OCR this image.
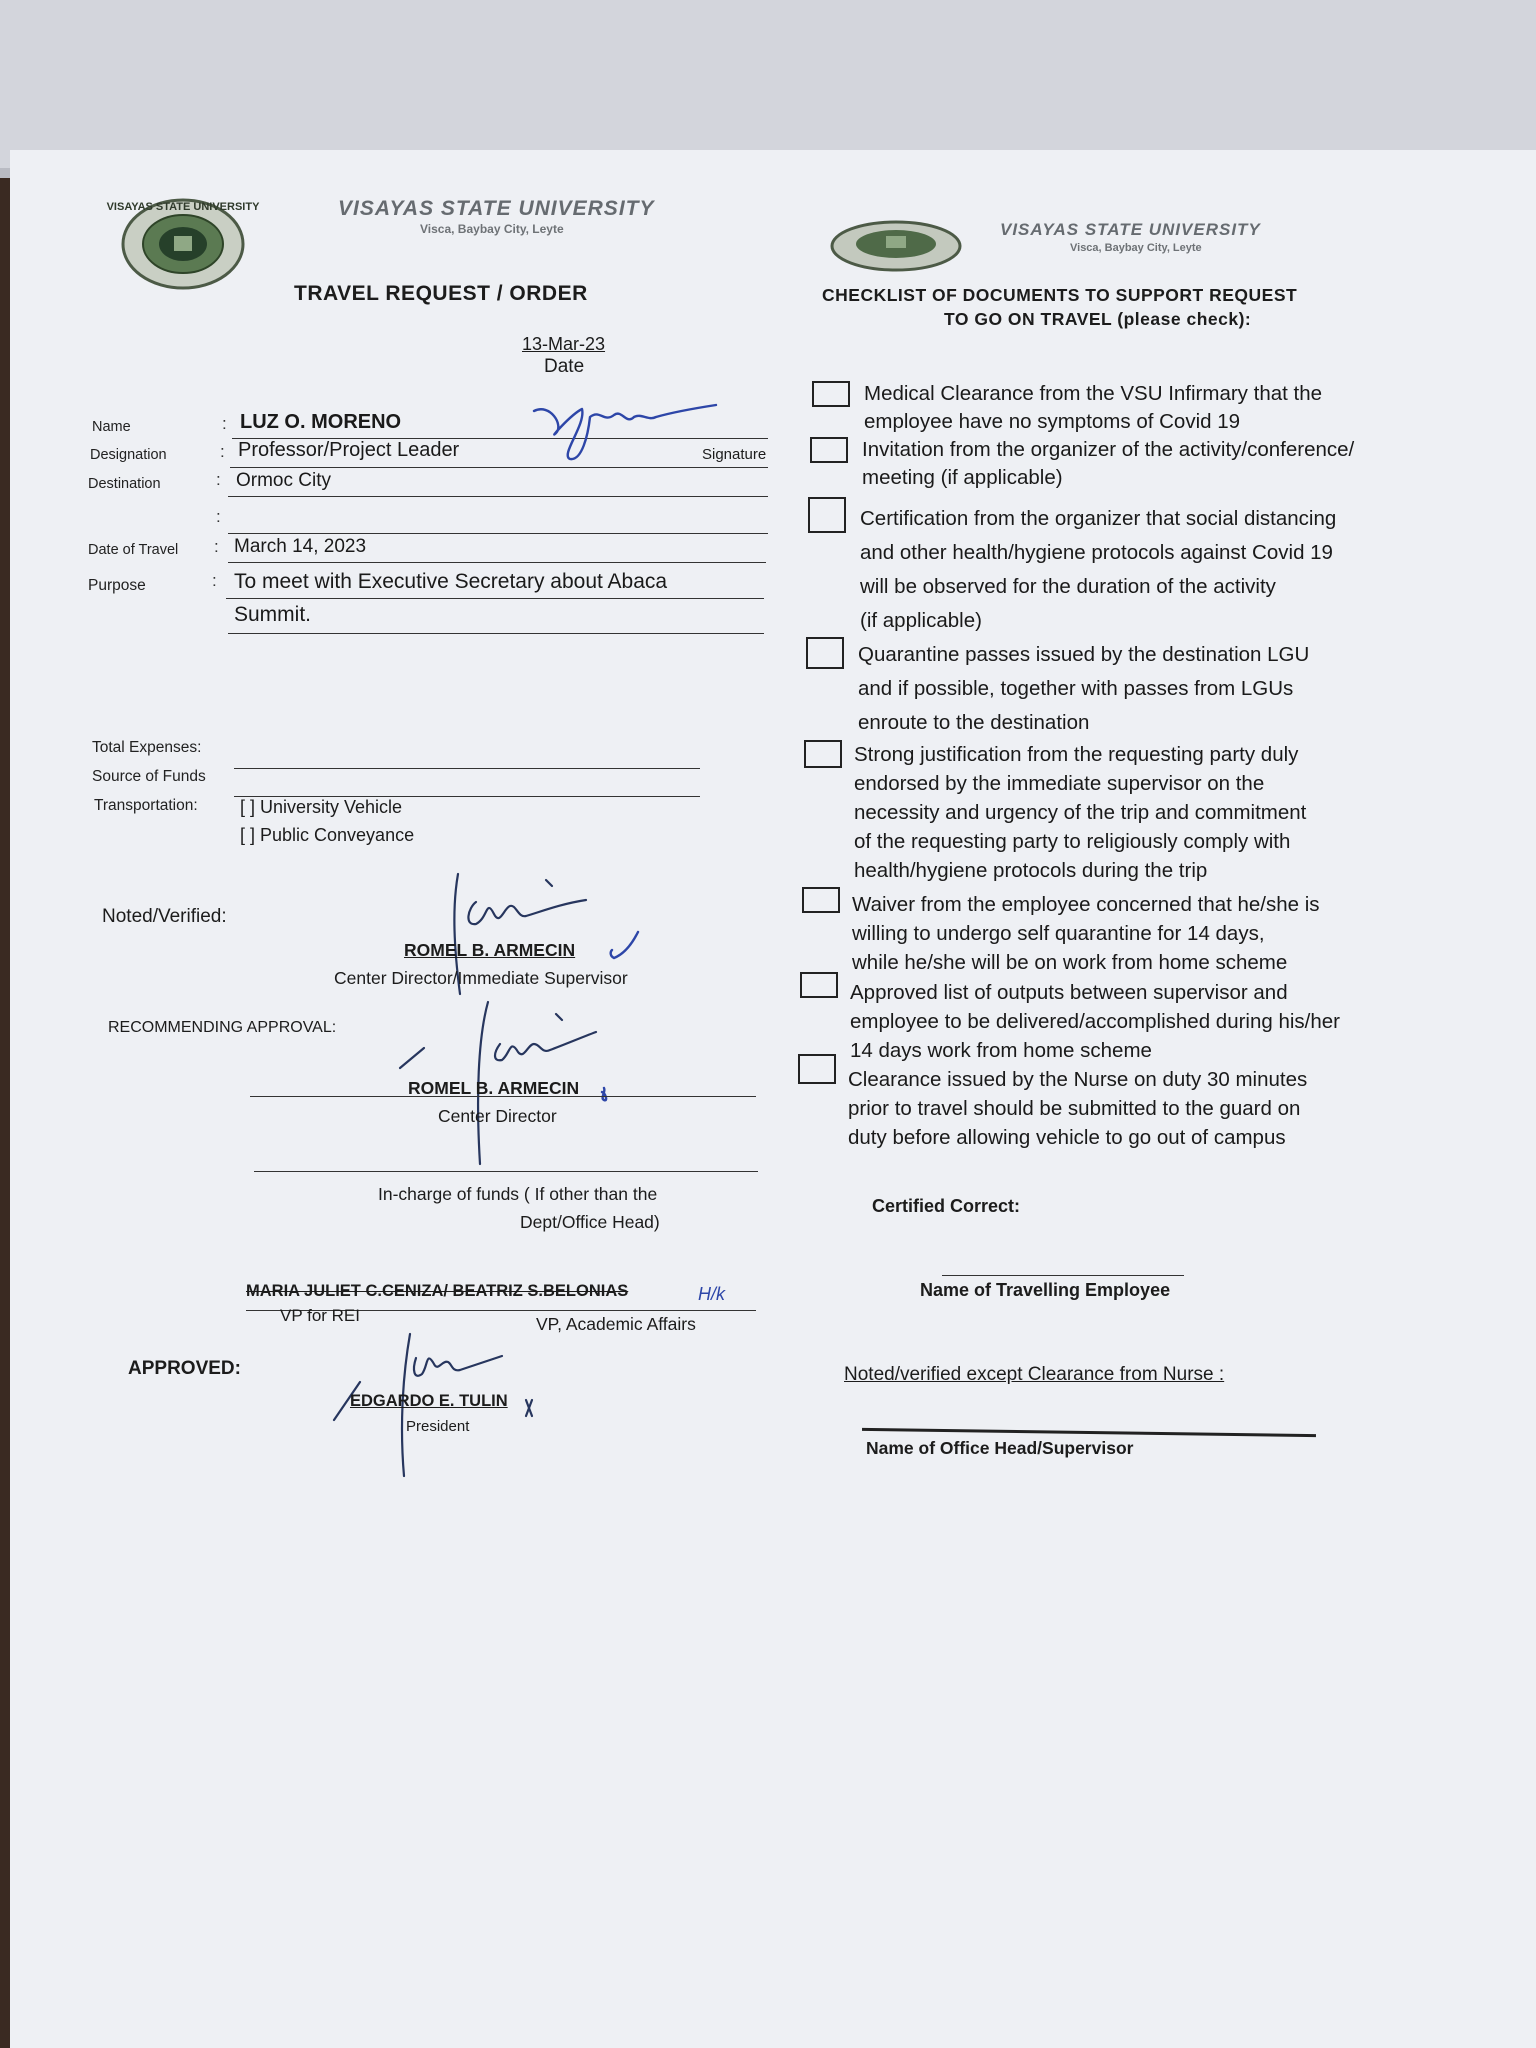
VISAYAS STATE UNIVERSITY	VISAYAS STATE UNIVERSITY
Visca, Baybay City, Leyte
TRAVEL REQUEST / ORDER
13-Mar-23
Date
Name	: LUZ O. MORENO
Designation	: Professor/Project Leader	Signature
Destination	: Ormoc City
:
Date of Travel : March 14, 2023
Purpose	: To meet with Executive Secretary about Abaca
Summit.
Total Expenses:
Source of Funds
Transportation: [ ] University Vehicle
[ ] Public Conveyance
Noted/Verified:
ROMEL B. ARMECIN
Center Director/Immediate Supervisor
RECOMMENDING APPROVAL:
ROMEL B. ARMECIN
Center Director
In-charge of funds ( If other than the
Dept/Office Head)
MARIA JULIET C.CENIZA/ BEATRIZ S.BELONIAS	H/k
VP for REI	VP, Academic Affairs
APPROVED:
EDGARDO E. TULIN
President
VISAYAS STATE UNIVERSITY
Visca, Baybay City, Leyte
CHECKLIST OF DOCUMENTS TO SUPPORT REQUEST
TO GO ON TRAVEL (please check):
Medical Clearance from the VSU Infirmary that the
employee have no symptoms of Covid 19
Invitation from the organizer of the activity/conference/
meeting (if applicable)
Certification from the organizer that social distancing
and other health/hygiene protocols against Covid 19
will be observed for the duration of the activity
(if applicable)
Quarantine passes issued by the destination LGU
and if possible, together with passes from LGUs
enroute to the destination
Strong justification from the requesting party duly
endorsed by the immediate supervisor on the
necessity and urgency of the trip and commitment
of the requesting party to religiously comply with
health/hygiene protocols during the trip
Waiver from the employee concerned that he/she is
willing to undergo self quarantine for 14 days,
while he/she will be on work from home scheme
Approved list of outputs between supervisor and
employee to be delivered/accomplished during his/her
14 days work from home scheme
Clearance issued by the Nurse on duty 30 minutes
prior to travel should be submitted to the guard on
duty before allowing vehicle to go out of campus
Certified Correct:
Name of Travelling Employee
Noted/verified except Clearance from Nurse :
Name of Office Head/Supervisor
